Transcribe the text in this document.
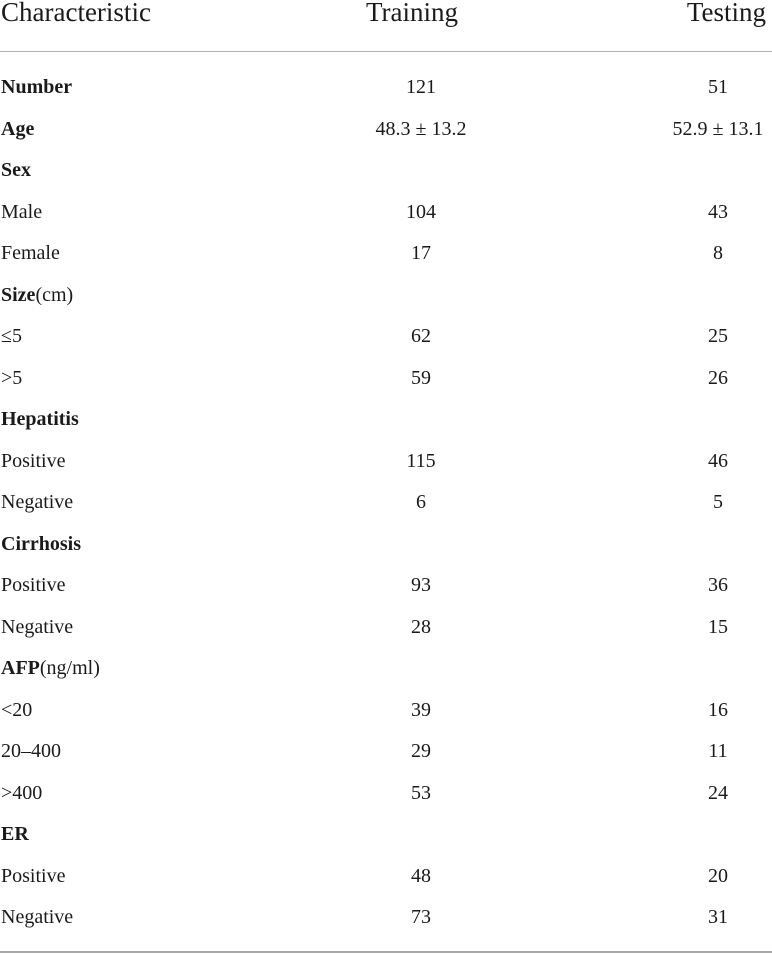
Characteristic	Training	Testing
Number	121	51
Age	48.3 ± 13.2	52.9 ± 13.1
Sex
Male	104	43
Female	17	8
Size(cm)
≤5	62	25
>5	59	26
Hepatitis
Positive	115	46
Negative	6	5
Cirrhosis
Positive	93	36
Negative	28	15
AFP(ng/ml)
<20	39	16
20–400	29	11
>400	53	24
ER
Positive	48	20
Negative	73	31
